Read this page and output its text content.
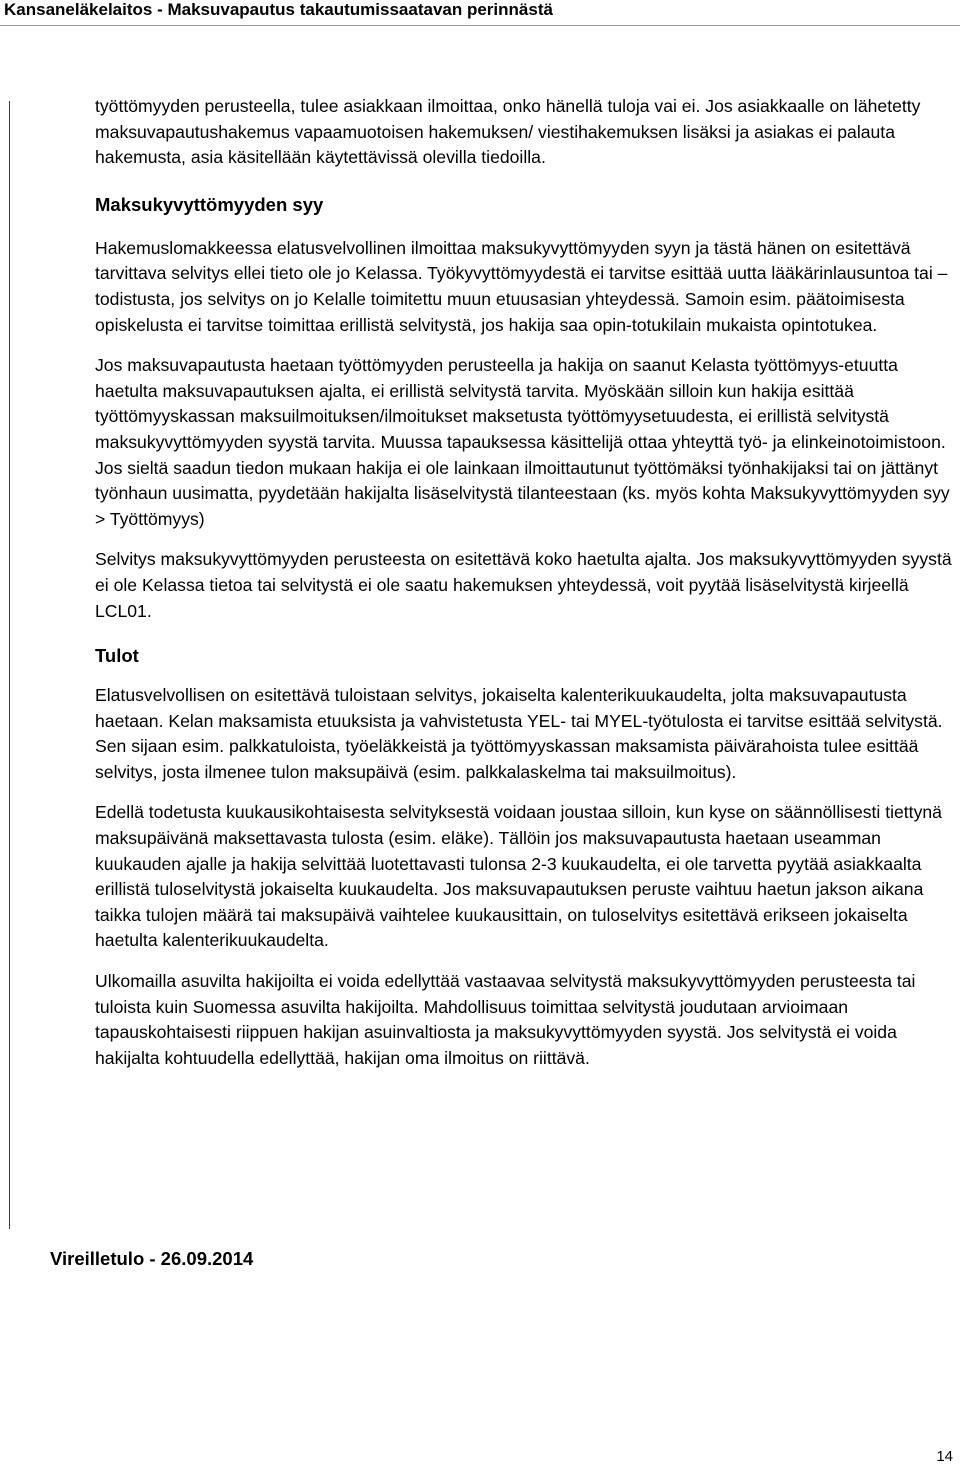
Kansaneläkelaitos - Maksuvapautus takautumissaatavan perinnästä

työttömyyden perusteella, tulee asiakkaan ilmoittaa, onko hänellä tuloja vai ei. Jos asiakkaalle on lähetetty maksuvapautushakemus vapaamuotoisen hakemuksen/ viestihakemuksen lisäksi ja asiakas ei palauta hakemusta, asia käsitellään käytettävissä olevilla tiedoilla.

Maksukyvyttömyyden syy

Hakemuslomakkeessa elatusvelvollinen ilmoittaa maksukyvyttömyyden syyn ja tästä hänen on esitettävä tarvittava selvitys ellei tieto ole jo Kelassa. Työkyvyttömyydestä ei tarvitse esittää uutta lääkärinlausuntoa tai –todistusta, jos selvitys on jo Kelalle toimitettu muun etuusasian yhteydessä. Samoin esim. päätoimisesta opiskelusta ei tarvitse toimittaa erillistä selvitystä, jos hakija saa opin-totukilain mukaista opintotukea.

Jos maksuvapautusta haetaan työttömyyden perusteella ja hakija on saanut Kelasta työttömyys-etuutta haetulta maksuvapautuksen ajalta, ei erillistä selvitystä tarvita. Myöskään silloin kun hakija esittää työttömyyskassan maksuilmoituksen/ilmoitukset maksetusta työttömyysetuudesta, ei erillistä selvitystä maksukyvyttömyyden syystä tarvita. Muussa tapauksessa käsittelijä ottaa yhteyttä työ- ja elinkeinotoimistoon. Jos sieltä saadun tiedon mukaan hakija ei ole lainkaan ilmoittautunut työttömäksi työnhakijaksi tai on jättänyt työnhaun uusimatta, pyydetään hakijalta lisäselvitystä tilanteestaan (ks. myös kohta Maksukyvyttömyyden syy > Työttömyys)

Selvitys maksukyvyttömyyden perusteesta on esitettävä koko haetulta ajalta. Jos maksukyvyttömyyden syystä ei ole Kelassa tietoa tai selvitystä ei ole saatu hakemuksen yhteydessä, voit pyytää lisäselvitystä kirjeellä LCL01.

Tulot

Elatusvelvollisen on esitettävä tuloistaan selvitys, jokaiselta kalenterikuukaudelta, jolta maksuvapautusta haetaan. Kelan maksamista etuuksista ja vahvistetusta YEL- tai MYEL-työtulosta ei tarvitse esittää selvitystä. Sen sijaan esim. palkkatuloista, työeläkkeistä ja työttömyyskassan maksamista päivärahoista tulee esittää selvitys, josta ilmenee tulon maksupäivä (esim. palkkalaskelma tai maksuilmoitus).

Edellä todetusta kuukausikohtaisesta selvityksestä voidaan joustaa silloin, kun kyse on säännöllisesti tiettynä maksupäivänä maksettavasta tulosta (esim. eläke). Tällöin jos maksuvapautusta haetaan useamman kuukauden ajalle ja hakija selvittää luotettavasti tulonsa 2-3 kuukaudelta, ei ole tarvetta pyytää asiakkaalta erillistä tuloselvitystä jokaiselta kuukaudelta. Jos maksuvapautuksen peruste vaihtuu haetun jakson aikana taikka tulojen määrä tai maksupäivä vaihtelee kuukausittain, on tuloselvitys esitettävä erikseen jokaiselta haetulta kalenterikuukaudelta.

Ulkomailla asuvilta hakijoilta ei voida edellyttää vastaavaa selvitystä maksukyvyttömyyden perusteesta tai tuloista kuin Suomessa asuvilta hakijoilta. Mahdollisuus toimittaa selvitystä joudutaan arvioimaan tapauskohtaisesti riippuen hakijan asuinvaltiosta ja maksukyvyttömyyden syystä. Jos selvitystä ei voida hakijalta kohtuudella edellyttää, hakijan oma ilmoitus on riittävä.

Vireilletulo - 26.09.2014
14
